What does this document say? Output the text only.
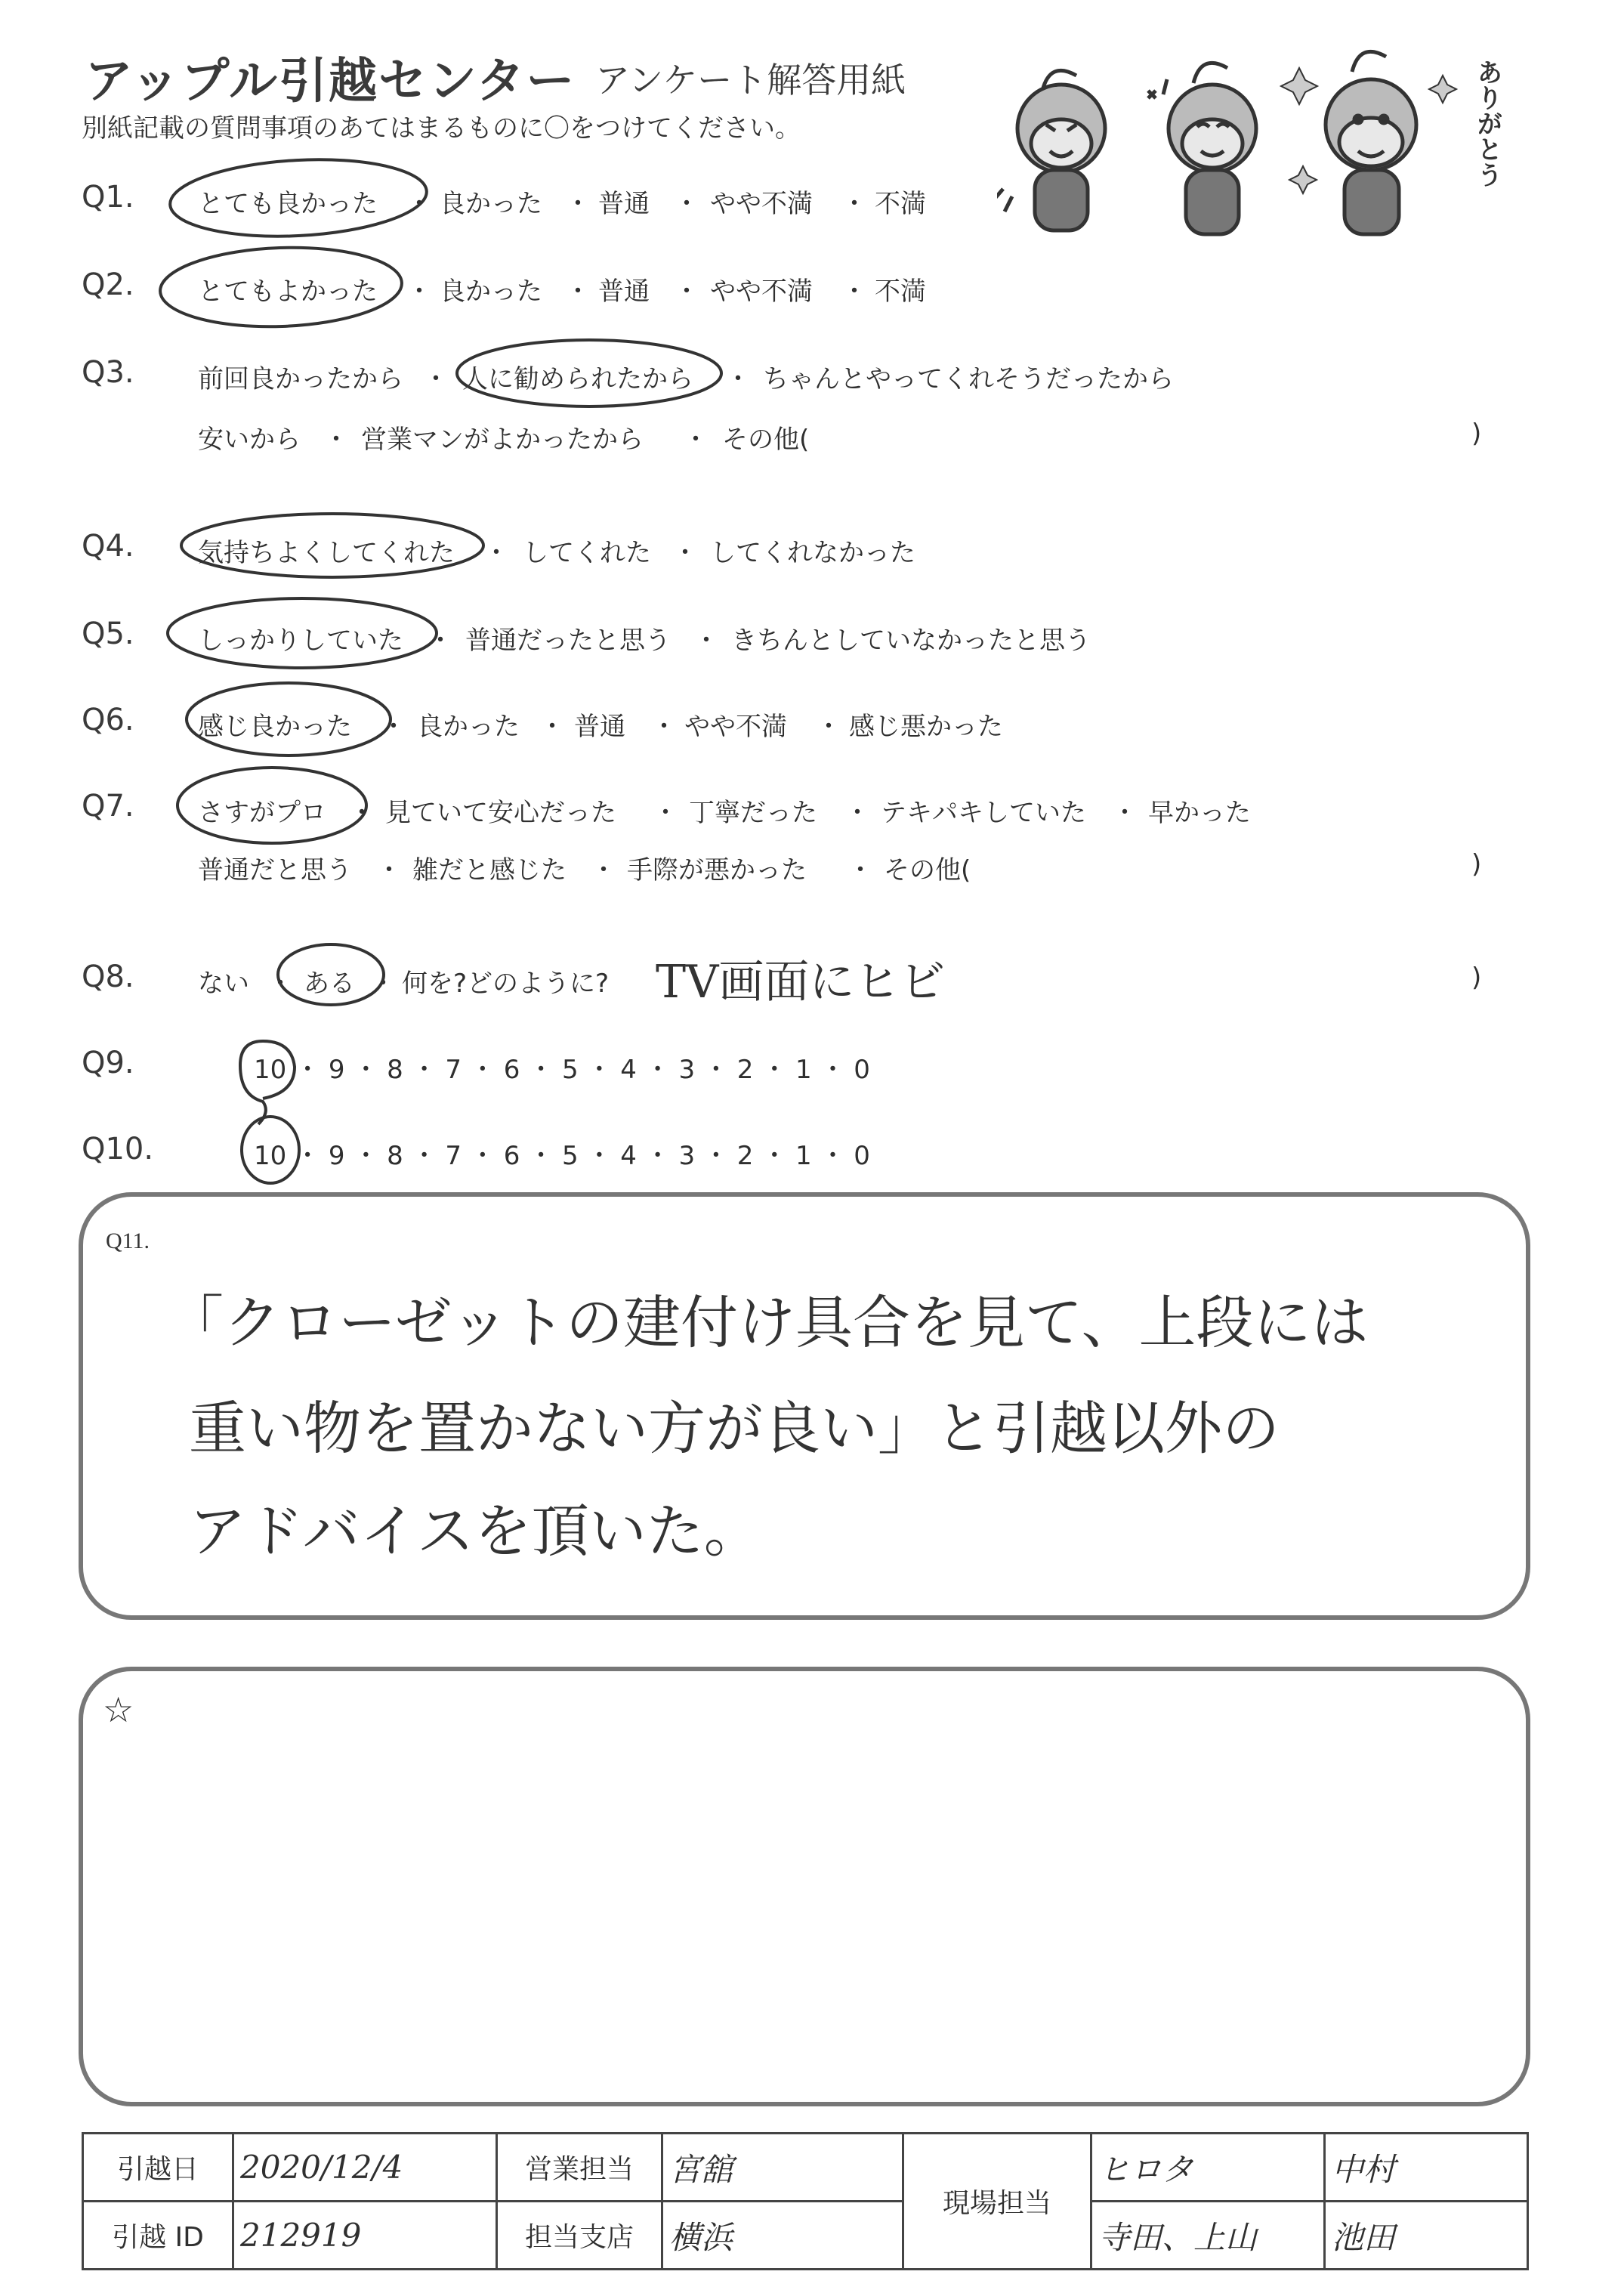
アップル引越センター アンケート解答用紙
別紙記載の質問事項のあてはまるものに〇をつけてください。	ありがとう
Q1. とても良かった ・ 良かった ・ 普通 ・ やや不満 ・ 不満
Q2. とてもよかった ・ 良かった ・ 普通 ・ やや不満 ・ 不満
Q3. 前回良かったから ・ 人に勧められたから ・ ちゃんとやってくれそうだったから
安いから ・ 営業マンがよかったから ・ その他(	)
Q4. 気持ちよくしてくれた ・ してくれた ・ してくれなかった
Q5. しっかりしていた ・ 普通だったと思う ・ きちんとしていなかったと思う
Q6. 感じ良かった ・ 良かった ・ 普通 ・ やや不満 ・ 感じ悪かった
Q7. さすがプロ ・ 見ていて安心だった ・ 丁寧だった ・ テキパキしていた ・ 早かった
普通だと思う ・ 雑だと感じた ・ 手際が悪かった ・ その他(	)
Q8. ない ・ ある ・ 何を?どのように? TV画面にヒビ	)
Q9.	10 ・ 9 ・ 8 ・ 7 ・ 6 ・ 5 ・ 4 ・ 3 ・ 2 ・ 1 ・ 0
Q10.	10 ・ 9 ・ 8 ・ 7 ・ 6 ・ 5 ・ 4 ・ 3 ・ 2 ・ 1 ・ 0
Q11.
「クローゼットの建付け具合を見て、上段には
重い物を置かない方が良い」と引越以外の
アドバイスを頂いた。
☆
引越日	2020/12/4	営業担当	宮舘	現場担当	ヒロタ	中村
引越 ID	212919	担当支店	横浜		寺田、上山	池田
